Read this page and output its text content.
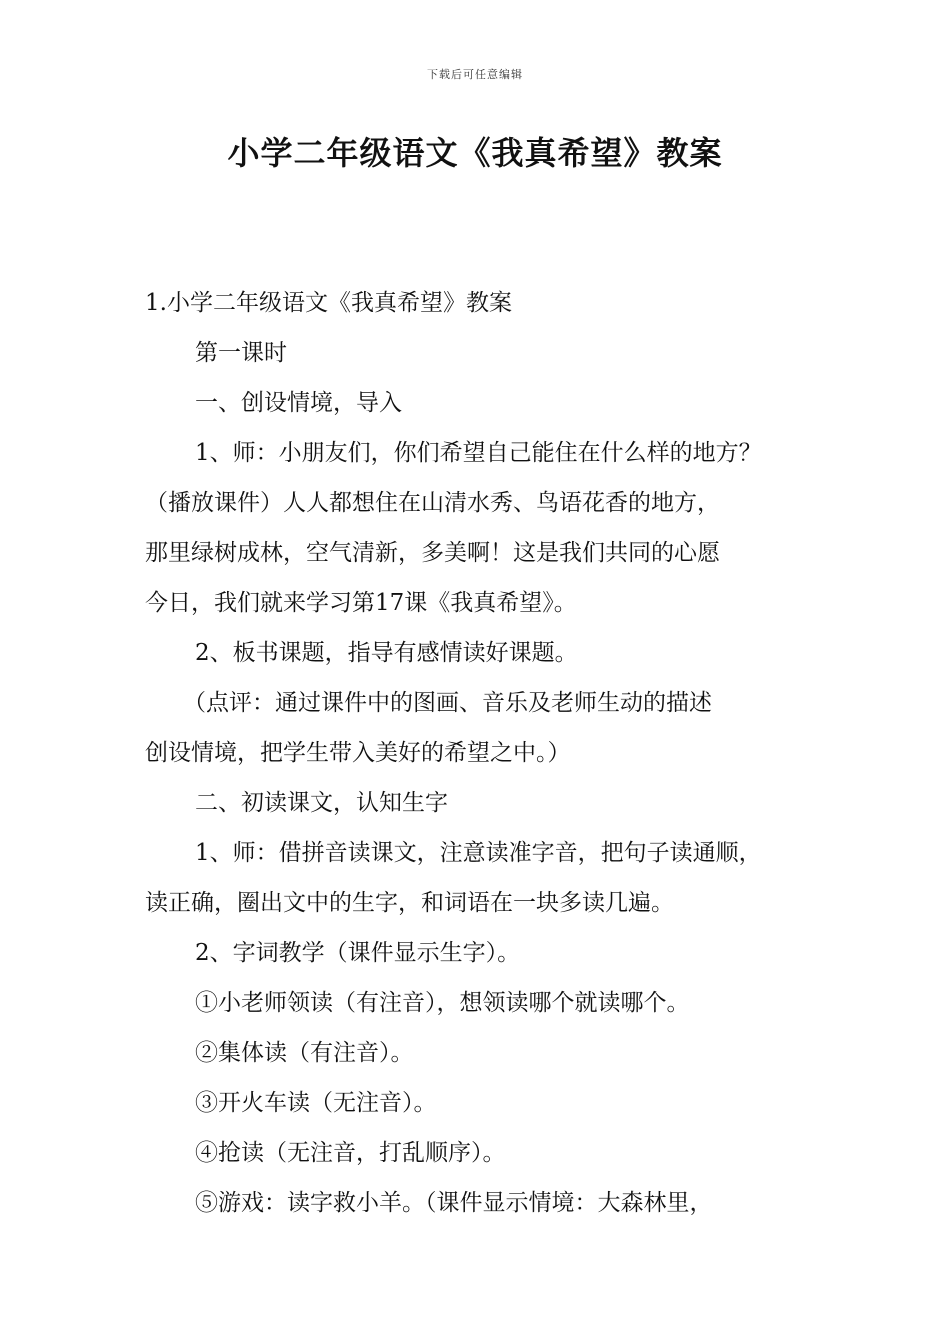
下载后可任意编辑
小学二年级语文《我真希望》教案

1.小学二年级语文《我真希望》教案

第一课时

一、创设情境，导入

1、师：小朋友们，你们希望自己能住在什么样的地方？

（播放课件）人人都想住在山清水秀、鸟语花香的地方，

那里绿树成林，空气清新，多美啊！这是我们共同的心愿

今日，我们就来学习第17课《我真希望》。

2、板书课题，指导有感情读好课题。

（点评：通过课件中的图画、音乐及老师生动的描述

创设情境，把学生带入美好的希望之中。）

二、初读课文，认知生字

1、师：借拼音读课文，注意读准字音，把句子读通顺，

读正确，圈出文中的生字，和词语在一块多读几遍。

2、字词教学（课件显示生字）。

①小老师领读（有注音），想领读哪个就读哪个。

②集体读（有注音）。

③开火车读（无注音）。

④抢读（无注音，打乱顺序）。

⑤游戏：读字救小羊。（课件显示情境：大森林里，
